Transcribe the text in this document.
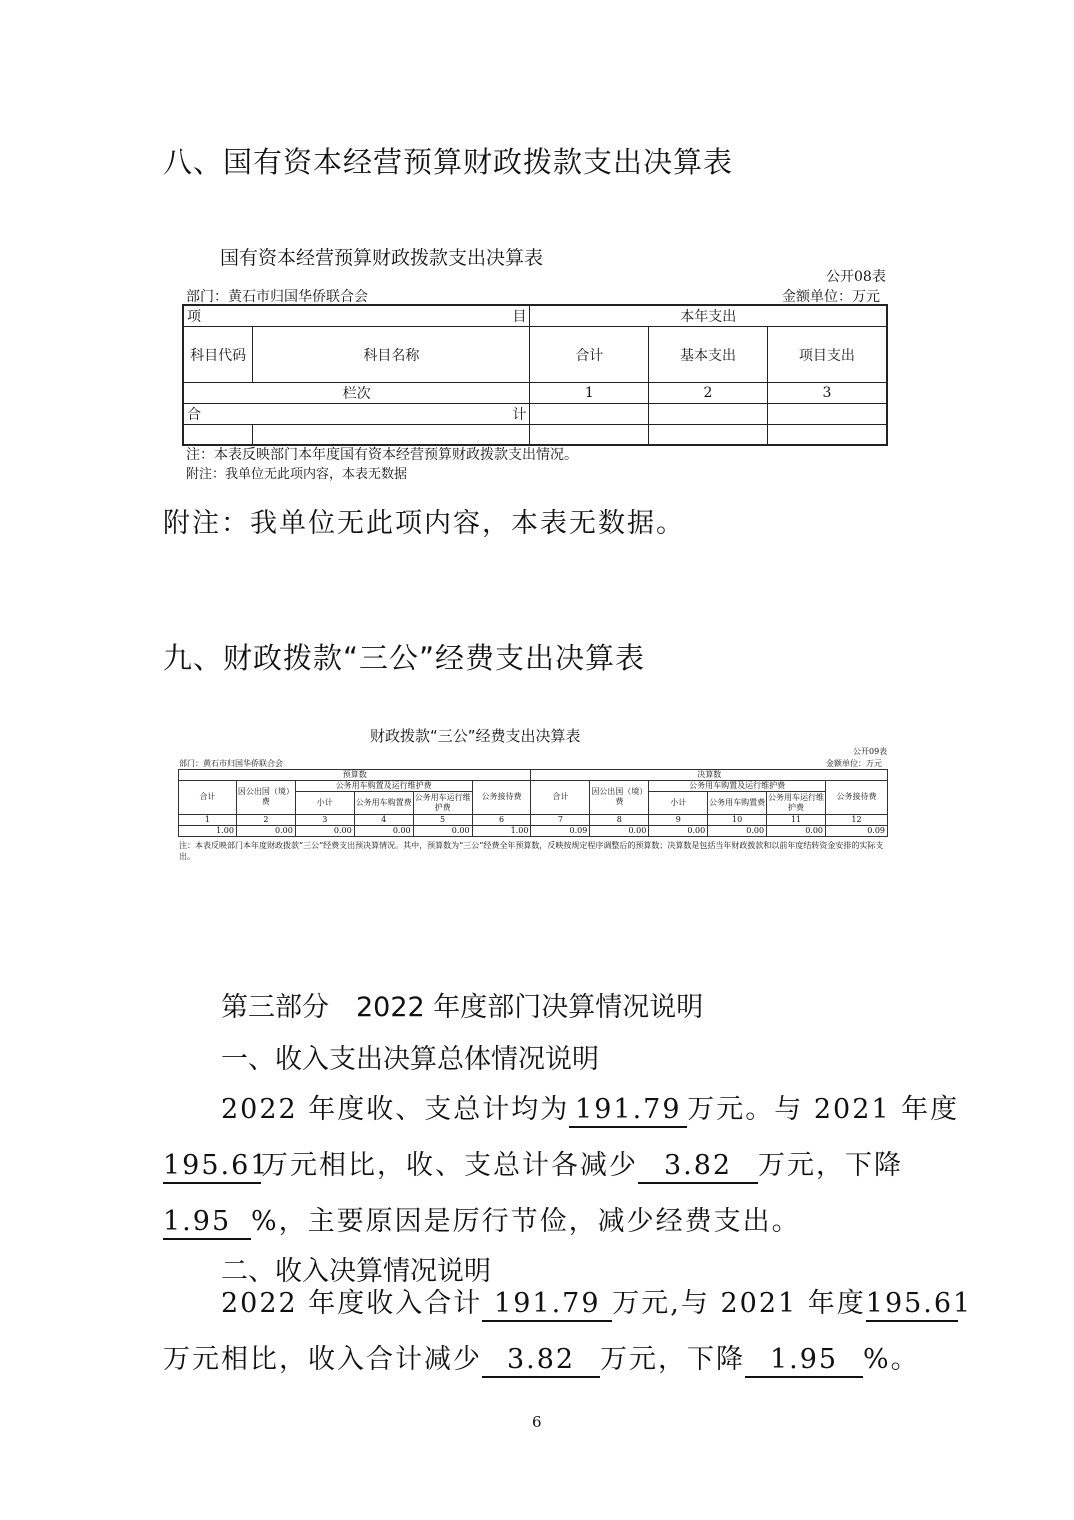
八、国有资本经营预算财政拨款支出决算表
国有资本经营预算财政拨款支出决算表
公开08表
部门：黄石市归国华侨联合会	金额单位：万元
项 目		本年支出		
科目代码	科目名称	合计	基本支出	项目支出
栏次		1	2	3

合 计				

注：本表反映部门本年度国有资本经营预算财政拨款支出情况。
附注：我单位无此项内容，本表无数据
附注：我单位无此项内容，本表无数据。
九、财政拨款“三公”经费支出决算表
财政拨款“三公”经费支出决算表
公开09表
部门：黄石市归国华侨联合会	金额单位：万元
预算数						决算数					
合计	因公出国（境）费	公务用车购置及运行维护费			公务接待费	合计	因公出国（境）费	公务用车购置及运行维护费			公务接待费
		小计	公务用车购置费	公务用车运行维护费				小计	公务用车购置费	公务用车运行维护费	
1	2	3	4	5	6	7	8	9	10	11	12
1.00	0.00	0.00	0.00	0.00	1.00	0.09	0.00	0.00	0.00	0.00	0.09
注：本表反映部门本年度财政拨款“三公”经费支出预决算情况。其中，预算数为“三公”经费全年预算数，反映按规定程序调整后的预算数；决算数是包括当年财政拨款和以前年度结转资金安排的实际支出。
第三部分　2022 年度部门决算情况说明
一、收入支出决算总体情况说明
2022 年度收、支总计均为 191.79 万元。与 2021 年度
195.61万元相比，收、支总计各减少 3.82 万元，下降
1.95 %，主要原因是厉行节俭，减少经费支出。
二、收入决算情况说明
2022 年度收入合计 191.79 万元,与 2021 年度195.61
万元相比，收入合计减少 3.82 万元，下降 1.95 %。
6
